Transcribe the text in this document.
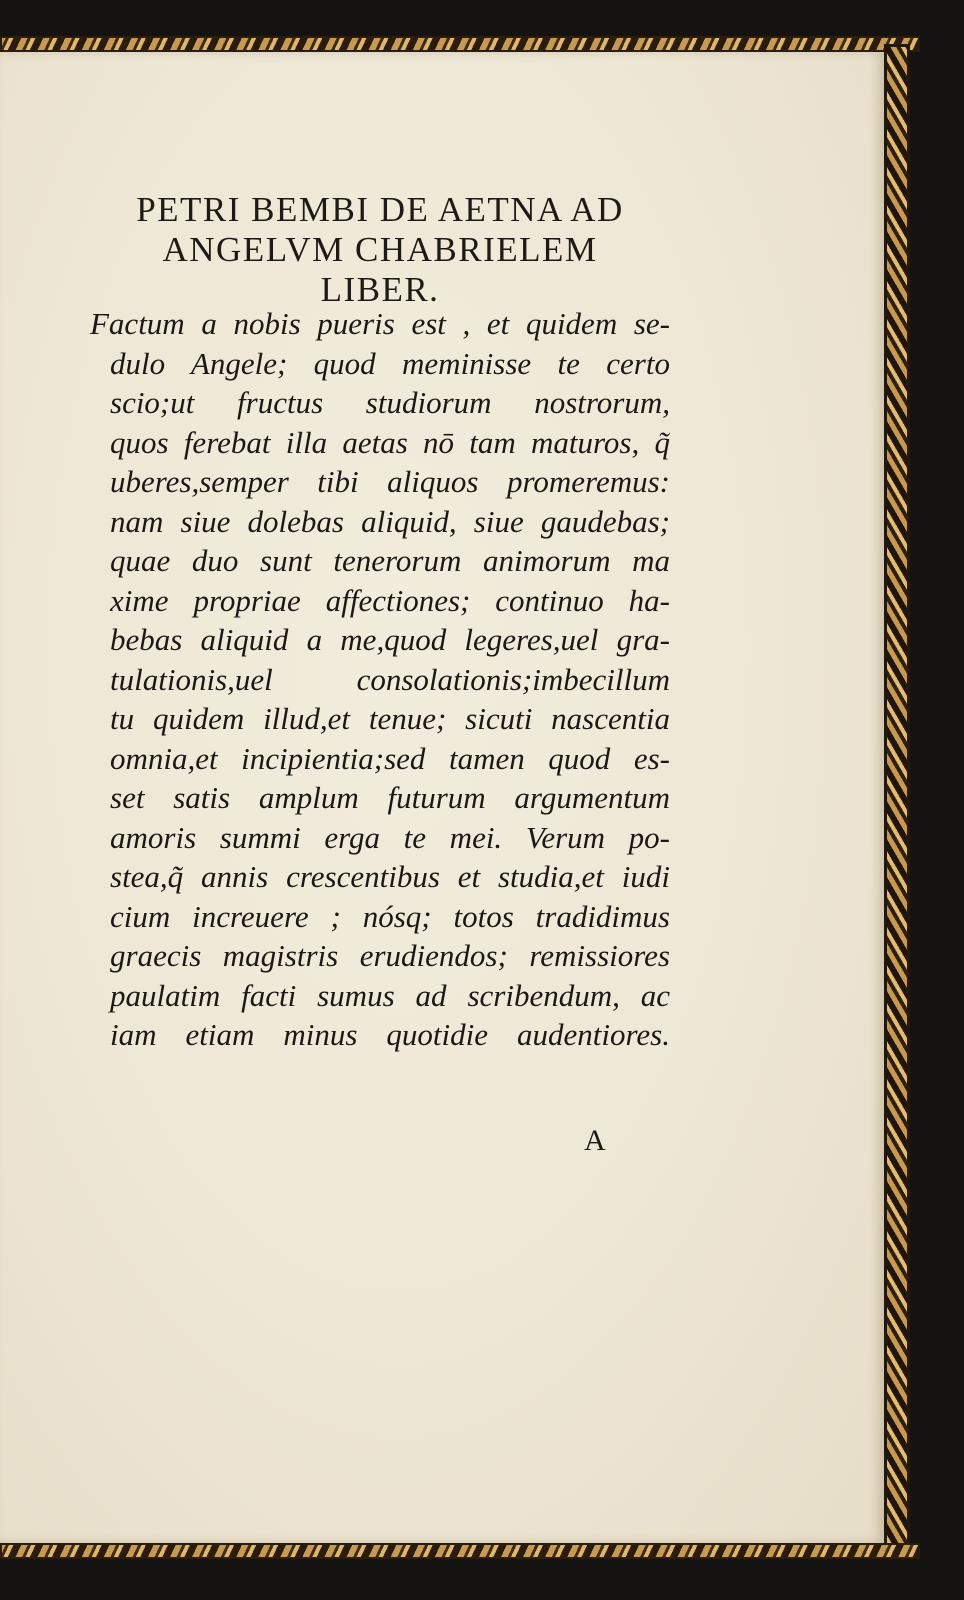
PETRI BEMBI DE AETNA AD
ANGELVM CHABRIELEM
LIBER.
Factum a nobis pueris est , et quidem se-
dulo Angele; quod meminisse te certo
scio;ut fructus studiorum nostrorum,
quos ferebat illa aetas nō tam maturos, q̃
uberes,semper tibi aliquos promeremus:
nam siue dolebas aliquid, siue gaudebas;
quae duo sunt tenerorum animorum ma
xime propriae affectiones; continuo ha-
bebas aliquid a me,quod legeres,uel gra-
tulationis,uel consolationis;imbecillum
tu quidem illud,et tenue; sicuti nascentia
omnia,et incipientia;sed tamen quod es-
set satis amplum futurum argumentum
amoris summi erga te mei. Verum po-
stea,q̃ annis crescentibus et studia,et iudi
cium increuere ; nósq; totos tradidimus
graecis magistris erudiendos; remissiores
paulatim facti sumus ad scribendum, ac
iam etiam minus quotidie audentiores.
A
